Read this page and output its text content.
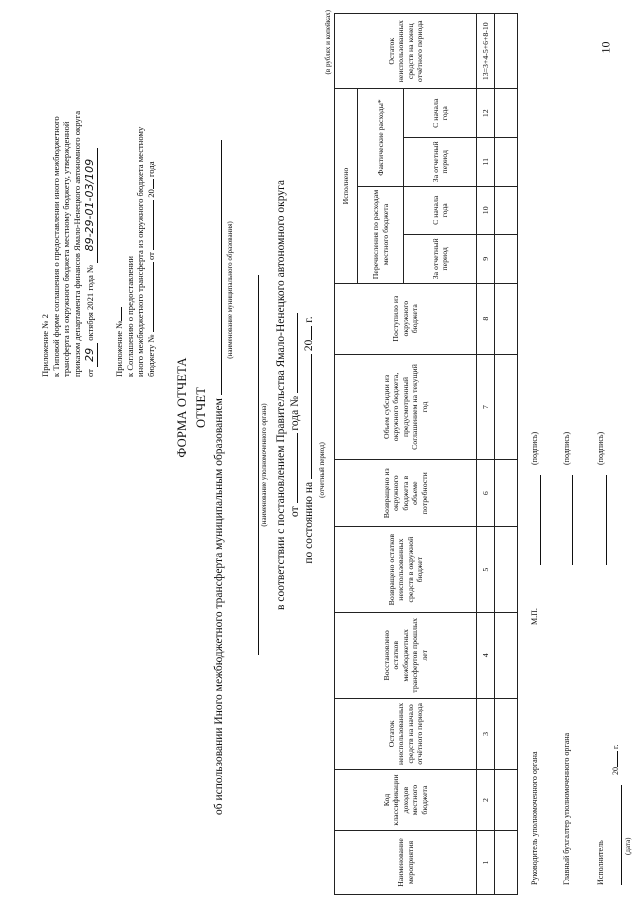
10
Приложение № 2 к Типовой форме соглашения о предоставлении иного межбюджетного трансферта из окружного бюджета местному бюджету, утвержденной приказом департамента финансов Ямало-Ненецкого автономного округа от 29 октября 2021 года № 89-29-01-03/109
Приложение № к Соглашению о предоставлении иного межбюджетного трансферта из окружного бюджета местному бюджету №  от  20 года
ФОРМА ОТЧЕТА ОТЧЕТ об использовании Иного межбюджетного трансферта муниципальным образованием
(наименование муниципального образования)
(наименование уполномоченного органа) в соответствии с постановлением Правительства Ямало-Ненецкого автономного округа от  года №
по состоянию на  20 г.
(отчетный период)
(в рублях и копейках)
Наименование мероприятия	Код классификации доходов местного бюджета	Остаток неиспользованных средств на начало отчётного периода	Восстановлено остатков межбюджетных трансфертов прошлых лет	Возвращено остатков неиспользованных средств в окружной бюджет	Возвращено из окружного бюджета в объеме потребности	Объем субсидии из окружного бюджета, предусмотренный Соглашением на текущий год	Поступило из окружного бюджета	Исполнено				Остаток неиспользованных средств на конец отчётного периода
								Перечисления по расходам местного бюджета		Фактические расходы*		
								За отчетный период	С начала года	За отчетный период	С начала года	
1	2	3	4	5	6	7	8	9	10	11	12	13=3+4-5+6+8-10

Руководитель уполномоченного органа
М.П.
(подпись)
Главный бухгалтер уполномоченного органа
(подпись)
Исполнитель
(подпись)
20 г.
(дата)
